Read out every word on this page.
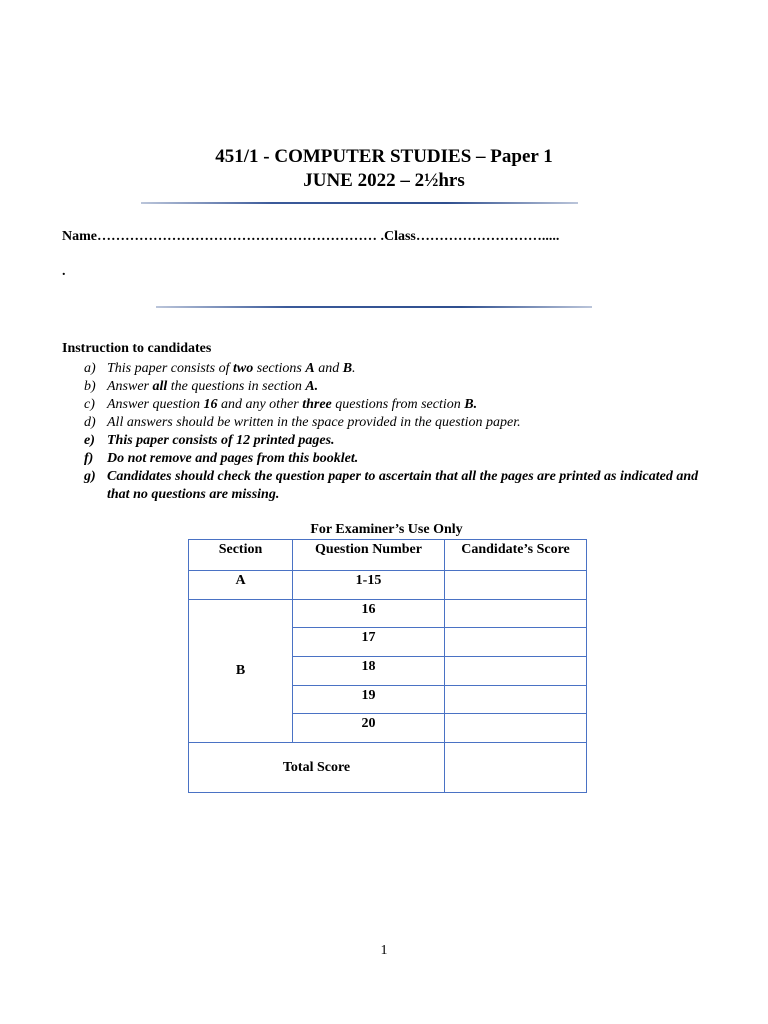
451/1 - COMPUTER STUDIES – Paper 1
JUNE 2022 – 2½hrs
Name…………………………………………………… .Class……………………….....
.
Instruction to candidates

a) This paper consists of two sections A and B.

b) Answer all the questions in section A.

c) Answer question 16 and any other three questions from section B.

d) All answers should be written in the space provided in the question paper.

e) This paper consists of 12 printed pages.

f) Do not remove and pages from this booklet.

g) Candidates should check the question paper to ascertain that all the pages are printed as indicated and that no questions are missing.

For Examiner’s Use Only
Section	Question Number	Candidate’s Score
A	1-15	
B	16	
	17	
	18	
	19	
	20	
Total Score		
1
